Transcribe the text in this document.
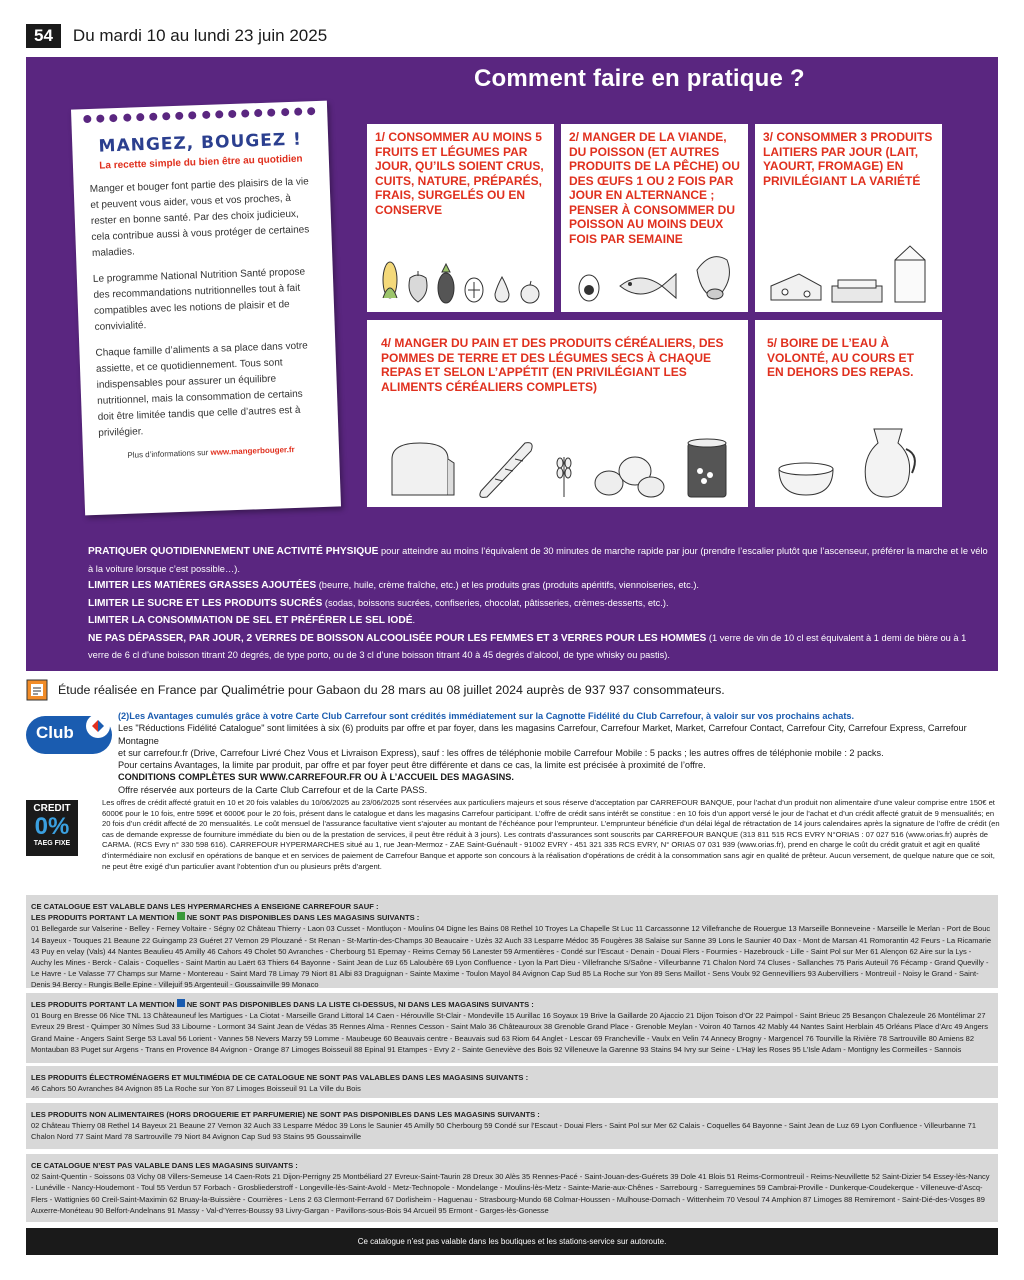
54	Du mardi 10 au lundi 23 juin 2025
Comment faire en pratique ?
1/ CONSOMMER AU MOINS 5 FRUITS ET LÉGUMES PAR JOUR, QU’ILS SOIENT CRUS, CUITS, NATURE, PRÉPARÉS, FRAIS, SURGELÉS OU EN CONSERVE
2/ MANGER DE LA VIANDE, DU POISSON (ET AUTRES PRODUITS DE LA PÊCHE) OU DES ŒUFS 1 OU 2 FOIS PAR JOUR EN ALTERNANCE ; PENSER À CONSOMMER DU POISSON AU MOINS DEUX FOIS PAR SEMAINE
3/ CONSOMMER 3 PRODUITS LAITIERS PAR JOUR (LAIT, YAOURT, FROMAGE) EN PRIVILÉGIANT LA VARIÉTÉ
4/ MANGER DU PAIN ET DES PRODUITS CÉRÉALIERS, DES POMMES DE TERRE ET DES LÉGUMES SECS À CHAQUE REPAS ET SELON L’APPÉTIT (EN PRIVILÉGIANT LES ALIMENTS CÉRÉALIERS COMPLETS)
5/ BOIRE DE L’EAU À VOLONTÉ, AU COURS ET EN DEHORS DES REPAS.
PRATIQUER QUOTIDIENNEMENT UNE ACTIVITÉ PHYSIQUE pour atteindre au moins l’équivalent de 30 minutes de marche rapide par jour (prendre l’escalier plutôt que l’ascenseur, préférer la marche et le vélo à la voiture lorsque c’est possible…).
LIMITER LES MATIÈRES GRASSES AJOUTÉES (beurre, huile, crème fraîche, etc.) et les produits gras (produits apéritifs, viennoiseries, etc.).
LIMITER LE SUCRE ET LES PRODUITS SUCRÉS (sodas, boissons sucrées, confiseries, chocolat, pâtisseries, crèmes-desserts, etc.).
LIMITER LA CONSOMMATION DE SEL ET PRÉFÉRER LE SEL IODÉ.
NE PAS DÉPASSER, PAR JOUR, 2 VERRES DE BOISSON ALCOOLISÉE POUR LES FEMMES ET 3 VERRES POUR LES HOMMES (1 verre de vin de 10 cl est équivalent à 1 demi de bière ou à 1 verre de 6 cl d’une boisson titrant 20 degrés, de type porto, ou de 3 cl d’une boisson titrant 40 à 45 degrés d’alcool, de type whisky ou pastis).
MANGEZ, BOUGEZ !
La recette simple du bien être au quotidien
Manger et bouger font partie des plaisirs de la vie et peuvent vous aider, vous et vos proches, à rester en bonne santé. Par des choix judicieux, cela contribue aussi à vous protéger de certaines maladies.
Le programme National Nutrition Santé propose des recommandations nutritionnelles tout à fait compatibles avec les notions de plaisir et de convivialité.
Chaque famille d’aliments a sa place dans votre assiette, et ce quotidiennement. Tous sont indispensables pour assurer un équilibre nutritionnel, mais la consommation de certains doit être limitée tandis que celle d’autres est à privilégier.
Plus d’informations sur www.mangerbouger.fr
Étude réalisée en France par Qualimétrie pour Gabaon du 28 mars au 08 juillet 2024 auprès de 937 937 consommateurs.
Club
(2)Les Avantages cumulés grâce à votre Carte Club Carrefour sont crédités immédiatement sur la Cagnotte Fidélité du Club Carrefour, à valoir sur vos prochains achats.
Les "Réductions Fidélité Catalogue" sont limitées à six (6) produits par offre et par foyer, dans les magasins Carrefour, Carrefour Market, Market, Carrefour Contact, Carrefour City, Carrefour Express, Carrefour Montagne
et sur carrefour.fr (Drive, Carrefour Livré Chez Vous et Livraison Express), sauf : les offres de téléphonie mobile Carrefour Mobile : 5 packs ; les autres offres de téléphonie mobile : 2 packs.
Pour certains Avantages, la limite par produit, par offre et par foyer peut être différente et dans ce cas, la limite est précisée à proximité de l’offre.
CONDITIONS COMPLÈTES SUR WWW.CARREFOUR.FR OU À L’ACCUEIL DES MAGASINS.
Offre réservée aux porteurs de la Carte Club Carrefour et de la Carte PASS.
CREDIT
0%
TAEG FIXE
Les offres de crédit affecté gratuit en 10 et 20 fois valables du 10/06/2025 au 23/06/2025 sont réservées aux particuliers majeurs et sous réserve d’acceptation par CARREFOUR BANQUE, pour l’achat d’un produit non alimentaire d’une valeur comprise entre 150€ et 6000€ pour le 10 fois, entre 599€ et 6000€ pour le 20 fois, présent dans le catalogue et dans les magasins Carrefour participant. L’offre de crédit sans intérêt se constitue : en 10 fois d’un apport versé le jour de l’achat et d’un crédit affecté gratuit de 9 mensualités; en 20 fois d’un crédit affecté de 20 mensualités. Le coût mensuel de l’assurance facultative vient s’ajouter au montant de l’échéance pour l’emprunteur. L’emprunteur bénéficie d’un délai légal de rétractation de 14 jours calendaires après la signature de l’offre de crédit (en cas de demande expresse de fourniture immédiate du bien ou de la prestation de services, il peut être réduit à 3 jours). Les contrats d’assurances sont souscrits par CARREFOUR BANQUE (313 811 515 RCS EVRY N°ORIAS : 07 027 516 (www.orias.fr) auprès de CARMA. (RCS Evry n° 330 598 616). CARREFOUR HYPERMARCHES situé au 1, rue Jean-Mermoz - ZAE Saint-Guénault - 91002 EVRY - 451 321 335 RCS EVRY, N° ORIAS 07 031 939 (www.orias.fr), prend en charge le coût du crédit gratuit et agit en qualité d’intermédiaire non exclusif en opérations de banque et en services de paiement de Carrefour Banque et apporte son concours à la réalisation d’opérations de crédit à la consommation sans agir en qualité de prêteur. Aucun versement, de quelque nature que ce soit, ne peut être exigé d’un particulier avant l’obtention d’un ou plusieurs prêts d’argent.
CE CATALOGUE EST VALABLE DANS LES HYPERMARCHES A ENSEIGNE CARREFOUR SAUF :
LES PRODUITS PORTANT LA MENTION NE SONT PAS DISPONIBLES DANS LES MAGASINS SUIVANTS :
01 Bellegarde sur Valserine - Belley - Ferney Voltaire - Ségny 02 Château Thierry - Laon 03 Cusset - Montluçon - Moulins 04 Digne les Bains 08 Rethel 10 Troyes La Chapelle St Luc 11 Carcassonne 12 Villefranche de Rouergue 13 Marseille Bonneveine - Marseille le Merlan - Port de Bouc 14 Bayeux - Touques 21 Beaune 22 Guingamp 23 Guéret 27 Vernon 29 Plouzané - St Renan - St-Martin-des-Champs 30 Beaucaire - Uzès 32 Auch 33 Lesparre Médoc 35 Fougères 38 Salaise sur Sanne 39 Lons le Saunier 40 Dax - Mont de Marsan 41 Romorantin 42 Feurs - La Ricamarie 43 Puy en velay (Vals) 44 Nantes Beaulieu 45 Amilly 46 Cahors 49 Cholet 50 Avranches - Cherbourg 51 Epernay - Reims Cernay 56 Lanester 59 Armentières - Condé sur l’Escaut - Denain - Douai Flers - Fourmies - Hazebrouck - Lille - Saint Pol sur Mer 61 Alençon 62 Aire sur la Lys - Auchy les Mines - Berck - Calais - Coquelles - Saint Martin au Laërt 63 Thiers 64 Bayonne - Saint Jean de Luz 65 Laloubère 69 Lyon Confluence - Lyon la Part Dieu - Villefranche S/Saône - Villeurbanne 71 Chalon Nord 74 Cluses - Sallanches 75 Paris Auteuil 76 Fécamp - Grand Quevilly - Le Havre - Le Valasse 77 Champs sur Marne - Montereau - Saint Mard 78 Limay 79 Niort 81 Albi 83 Draguignan - Sainte Maxime - Toulon Mayol 84 Avignon Cap Sud 85 La Roche sur Yon 89 Sens Maillot - Sens Voulx 92 Gennevilliers 93 Aubervilliers - Montreuil - Noisy le Grand - Saint-Denis 94 Bercy - Rungis Belle Epine - Villejuif 95 Argenteuil - Goussainville 99 Monaco
LES PRODUITS PORTANT LA MENTION NE SONT PAS DISPONIBLES DANS LA LISTE CI-DESSUS, NI DANS LES MAGASINS SUIVANTS :
01 Bourg en Bresse 06 Nice TNL 13 Châteauneuf les Martigues - La Ciotat - Marseille Grand Littoral 14 Caen - Hérouville St-Clair - Mondeville 15 Aurillac 16 Soyaux 19 Brive la Gaillarde 20 Ajaccio 21 Dijon Toison d’Or 22 Paimpol - Saint Brieuc 25 Besançon Chalezeule 26 Montélimar 27 Evreux 29 Brest - Quimper 30 Nîmes Sud 33 Libourne - Lormont 34 Saint Jean de Védas 35 Rennes Alma - Rennes Cesson - Saint Malo 36 Châteauroux 38 Grenoble Grand Place - Grenoble Meylan - Voiron 40 Tarnos 42 Mably 44 Nantes Saint Herblain 45 Orléans Place d’Arc 49 Angers Grand Maine - Angers Saint Serge 53 Laval 56 Lorient - Vannes 58 Nevers Marzy 59 Lomme - Maubeuge 60 Beauvais centre - Beauvais sud 63 Riom 64 Anglet - Lescar 69 Francheville - Vaulx en Velin 74 Annecy Brogny - Margencel 76 Tourville la Rivière 78 Sartrouville 80 Amiens 82 Montauban 83 Puget sur Argens - Trans en Provence 84 Avignon - Orange 87 Limoges Boisseuil 88 Epinal 91 Etampes - Evry 2 - Sainte Geneviève des Bois 92 Villeneuve la Garenne 93 Stains 94 Ivry sur Seine - L’Haÿ les Roses 95 L’Isle Adam - Montigny les Cormeilles - Sannois
LES PRODUITS ÉLECTROMÉNAGERS ET MULTIMÉDIA DE CE CATALOGUE NE SONT PAS VALABLES DANS LES MAGASINS SUIVANTS :
46 Cahors 50 Avranches 84 Avignon 85 La Roche sur Yon 87 Limoges Boisseuil 91 La Ville du Bois
LES PRODUITS NON ALIMENTAIRES (HORS DROGUERIE ET PARFUMERIE) NE SONT PAS DISPONIBLES DANS LES MAGASINS SUIVANTS :
02 Château Thierry 08 Rethel 14 Bayeux 21 Beaune 27 Vernon 32 Auch 33 Lesparre Médoc 39 Lons le Saunier 45 Amilly 50 Cherbourg 59 Condé sur l’Escaut - Douai Flers - Saint Pol sur Mer 62 Calais - Coquelles 64 Bayonne - Saint Jean de Luz 69 Lyon Confluence - Villeurbanne 71 Chalon Nord 77 Saint Mard 78 Sartrouville 79 Niort 84 Avignon Cap Sud 93 Stains 95 Goussainville
CE CATALOGUE N’EST PAS VALABLE DANS LES MAGASINS SUIVANTS :
02 Saint-Quentin - Soissons 03 Vichy 08 Villers-Semeuse 14 Caen-Rots 21 Dijon-Perrigny 25 Montbéliard 27 Evreux-Saint-Taurin 28 Dreux 30 Alès 35 Rennes-Pacé - Saint-Jouan-des-Guérets 39 Dole 41 Blois 51 Reims-Cormontreuil - Reims-Neuvillette 52 Saint-Dizier 54 Essey-lès-Nancy - Lunéville - Nancy-Houdemont - Toul 55 Verdun 57 Forbach - Grosbliederstroff - Longeville-lès-Saint-Avold - Metz-Technopole - Mondelange - Moulins-lès-Metz - Sainte-Marie-aux-Chênes - Sarrebourg - Sarreguemines 59 Cambrai-Proville - Dunkerque-Coudekerque - Villeneuve-d’Ascq-Flers - Wattignies 60 Creil-Saint-Maximin 62 Bruay-la-Buissière - Courrières - Lens 2 63 Clermont-Ferrand 67 Dorlisheim - Haguenau - Strasbourg-Mundo 68 Colmar-Houssen - Mulhouse-Dornach - Wittenheim 70 Vesoul 74 Amphion 87 Limoges 88 Remiremont - Saint-Dié-des-Vosges 89 Auxerre-Monéteau 90 Belfort-Andelnans 91 Massy - Val-d’Yerres-Boussy 93 Livry-Gargan - Pavillons-sous-Bois 94 Arcueil 95 Ermont - Garges-lès-Gonesse
Ce catalogue n’est pas valable dans les boutiques et les stations-service sur autoroute.
